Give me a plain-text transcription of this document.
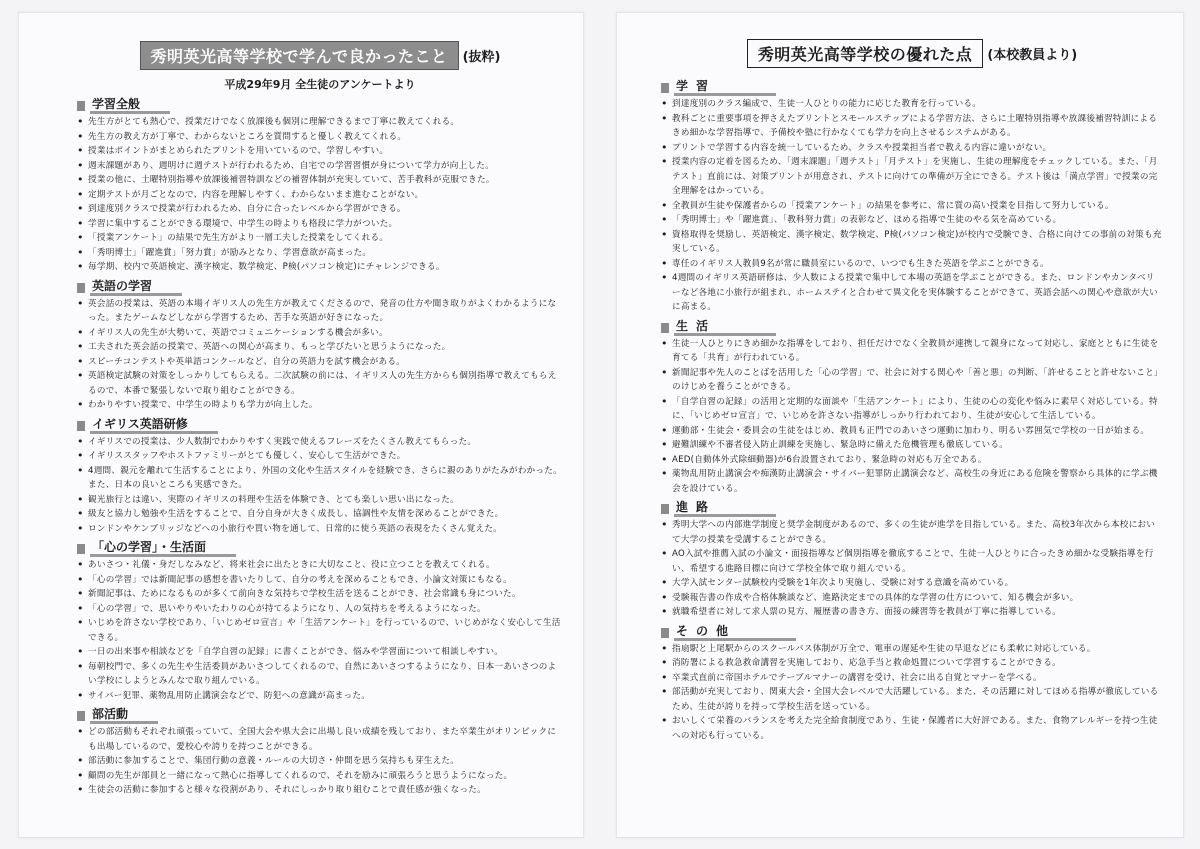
秀明英光高等学校で学んで良かったこと	(抜粋)
平成29年9月 全生徒のアンケートより
学習全般
• 先生方がとても熱心で、授業だけでなく放課後も個別に理解できるまで丁寧に教えてくれる。
• 先生方の教え方が丁寧で、わからないところを質問すると優しく教えてくれる。
• 授業はポイントがまとめられたプリントを用いているので、学習しやすい。
• 週末課題があり、週明けに週テストが行われるため、自宅での学習習慣が身について学力が向上した。
• 授業の他に、土曜特別指導や放課後補習特訓などの補習体制が充実していて、苦手教科が克服できた。
• 定期テストが月ごとなので、内容を理解しやすく、わからないまま進むことがない。
• 到達度別クラスで授業が行われるため、自分に合ったレベルから学習ができる。
• 学習に集中することができる環境で、中学生の時よりも格段に学力がついた。
• 「授業アンケート」の結果で先生方がより一層工夫した授業をしてくれる。
• 「秀明博士」「躍進賞」「努力賞」が励みとなり、学習意欲が高まった。
• 毎学期、校内で英語検定、漢字検定、数学検定、P検(パソコン検定)にチャレンジできる。
英語の学習
• 英会話の授業は、英語の本場イギリス人の先生方が教えてくださるので、発音の仕方や聞き取りがよくわかるようになった。またゲームなどしながら学習するため、苦手な英語が好きになった。
• イギリス人の先生が大勢いて、英語でコミュニケーションする機会が多い。
• 工夫された英会話の授業で、英語への関心が高まり、もっと学びたいと思うようになった。
• スピーチコンテストや英単語コンクールなど、自分の英語力を試す機会がある。
• 英語検定試験の対策をしっかりしてもらえる。二次試験の前には、イギリス人の先生方からも個別指導で教えてもらえるので、本番で緊張しないで取り組むことができる。
• わかりやすい授業で、中学生の時よりも学力が向上した。
イギリス英語研修
• イギリスでの授業は、少人数制でわかりやすく実践で使えるフレーズをたくさん教えてもらった。
• イギリススタッフやホストファミリーがとても優しく、安心して生活ができた。
• 4週間、親元を離れて生活することにより、外国の文化や生活スタイルを経験でき、さらに親のありがたみがわかった。また、日本の良いところも実感できた。
• 観光旅行とは違い、実際のイギリスの料理や生活を体験でき、とても楽しい思い出になった。
• 級友と協力し勉強や生活をすることで、自分自身が大きく成長し、協調性や友情を深めることができた。
• ロンドンやケンブリッジなどへの小旅行や買い物を通して、日常的に使う英語の表現をたくさん覚えた。
「心の学習」・生活面
• あいさつ・礼儀・身だしなみなど、将来社会に出たときに大切なこと、役に立つことを教えてくれる。
• 「心の学習」では新聞記事の感想を書いたりして、自分の考えを深めることもでき、小論文対策にもなる。
• 新聞記事は、ためになるものが多くて前向きな気持ちで学校生活を送ることができ、社会常識も身についた。
• 「心の学習」で、思いやりやいたわりの心が持てるようになり、人の気持ちを考えるようになった。
• いじめを許さない学校であり、「いじめゼロ宣言」や「生活アンケート」を行っているので、いじめがなく安心して生活できる。
• 一日の出来事や相談などを「自学自習の記録」に書くことができ、悩みや学習面について相談しやすい。
• 毎朝校門で、多くの先生や生活委員があいさつしてくれるので、自然にあいさつするようになり、日本一あいさつのよい学校にしようとみんなで取り組んでいる。
• サイバー犯罪、薬物乱用防止講演会などで、防犯への意識が高まった。
部活動
• どの部活動もそれぞれ頑張っていて、全国大会や県大会に出場し良い成績を残しており、また卒業生がオリンピックにも出場しているので、愛校心や誇りを持つことができる。
• 部活動に参加することで、集団行動の意義・ルールの大切さ・仲間を思う気持ちも芽生えた。
• 顧問の先生が部員と一緒になって熱心に指導してくれるので、それを励みに頑張ろうと思うようになった。
• 生徒会の活動に参加すると様々な役割があり、それにしっかり取り組むことで責任感が強くなった。
秀明英光高等学校の優れた点	(本校教員より)
学習
• 到達度別のクラス編成で、生徒一人ひとりの能力に応じた教育を行っている。
• 教科ごとに重要事項を押さえたプリントとスモールステップによる学習方法、さらに土曜特別指導や放課後補習特訓によるきめ細かな学習指導で、予備校や塾に行かなくても学力を向上させるシステムがある。
• プリントで学習する内容を統一しているため、クラスや授業担当者で教える内容に違いがない。
• 授業内容の定着を図るため、「週末課題」「週テスト」「月テスト」を実施し、生徒の理解度をチェックしている。また、「月テスト」直前には、対策プリントが用意され、テストに向けての準備が万全にできる。テスト後は「満点学習」で授業の完全理解をはかっている。
• 全教員が生徒や保護者からの「授業アンケート」の結果を参考に、常に質の高い授業を目指して努力している。
• 「秀明博士」や「躍進賞」、「教科努力賞」の表彰など、ほめる指導で生徒のやる気を高めている。
• 資格取得を奨励し、英語検定、漢字検定、数学検定、P検(パソコン検定)が校内で受験でき、合格に向けての事前の対策も充実している。
• 専任のイギリス人教員9名が常に職員室にいるので、いつでも生きた英語を学ぶことができる。
• 4週間のイギリス英語研修は、少人数による授業で集中して本場の英語を学ぶことができる。また、ロンドンやカンタベリーなど各地に小旅行が組まれ、ホームステイと合わせて異文化を実体験することができて、英語会話への関心や意欲が大いに高まる。
生活
• 生徒一人ひとりにきめ細かな指導をしており、担任だけでなく全教員が連携して親身になって対応し、家庭とともに生徒を育てる「共育」が行われている。
• 新聞記事や先人のことばを活用した「心の学習」で、社会に対する関心や「善と悪」の判断、「許せることと許せないこと」のけじめを養うことができる。
• 「自学自習の記録」の活用と定期的な面談や「生活アンケート」により、生徒の心の変化や悩みに素早く対応している。特に、「いじめゼロ宣言」で、いじめを許さない指導がしっかり行われており、生徒が安心して生活している。
• 運動部・生徒会・委員会の生徒をはじめ、教員も正門でのあいさつ運動に加わり、明るい雰囲気で学校の一日が始まる。
• 避難訓練や不審者侵入防止訓練を実施し、緊急時に備えた危機管理も徹底している。
• AED(自動体外式除細動器)が6台設置されており、緊急時の対応も万全である。
• 薬物乱用防止講演会や痴漢防止講演会・サイバー犯罪防止講演会など、高校生の身近にある危険を警察から具体的に学ぶ機会を設けている。
進路
• 秀明大学への内部進学制度と奨学金制度があるので、多くの生徒が進学を目指している。また、高校3年次から本校において大学の授業を受講することができる。
• AO入試や推薦入試の小論文・面接指導など個別指導を徹底することで、生徒一人ひとりに合ったきめ細かな受験指導を行い、希望する進路目標に向けて学校全体で取り組んでいる。
• 大学入試センター試験校内受験を1年次より実施し、受験に対する意識を高めている。
• 受験報告書の作成や合格体験談など、進路決定までの具体的な学習の仕方について、知る機会が多い。
• 就職希望者に対して求人票の見方、履歴書の書き方、面接の練習等を教員が丁寧に指導している。
その他
• 指扇駅と上尾駅からのスクールバス体制が万全で、電車の遅延や生徒の早退などにも柔軟に対応している。
• 消防署による救急救命講習を実施しており、応急手当と救命処置について学習することができる。
• 卒業式直前に帝国ホテルでテーブルマナーの講習を受け、社会に出る自覚とマナーを学べる。
• 部活動が充実しており、関東大会・全国大会レベルで大活躍している。また、その活躍に対してほめる指導が徹底しているため、生徒が誇りを持って学校生活を送っている。
• おいしくて栄養のバランスを考えた完全給食制度であり、生徒・保護者に大好評である。また、食物アレルギーを持つ生徒への対応も行っている。
